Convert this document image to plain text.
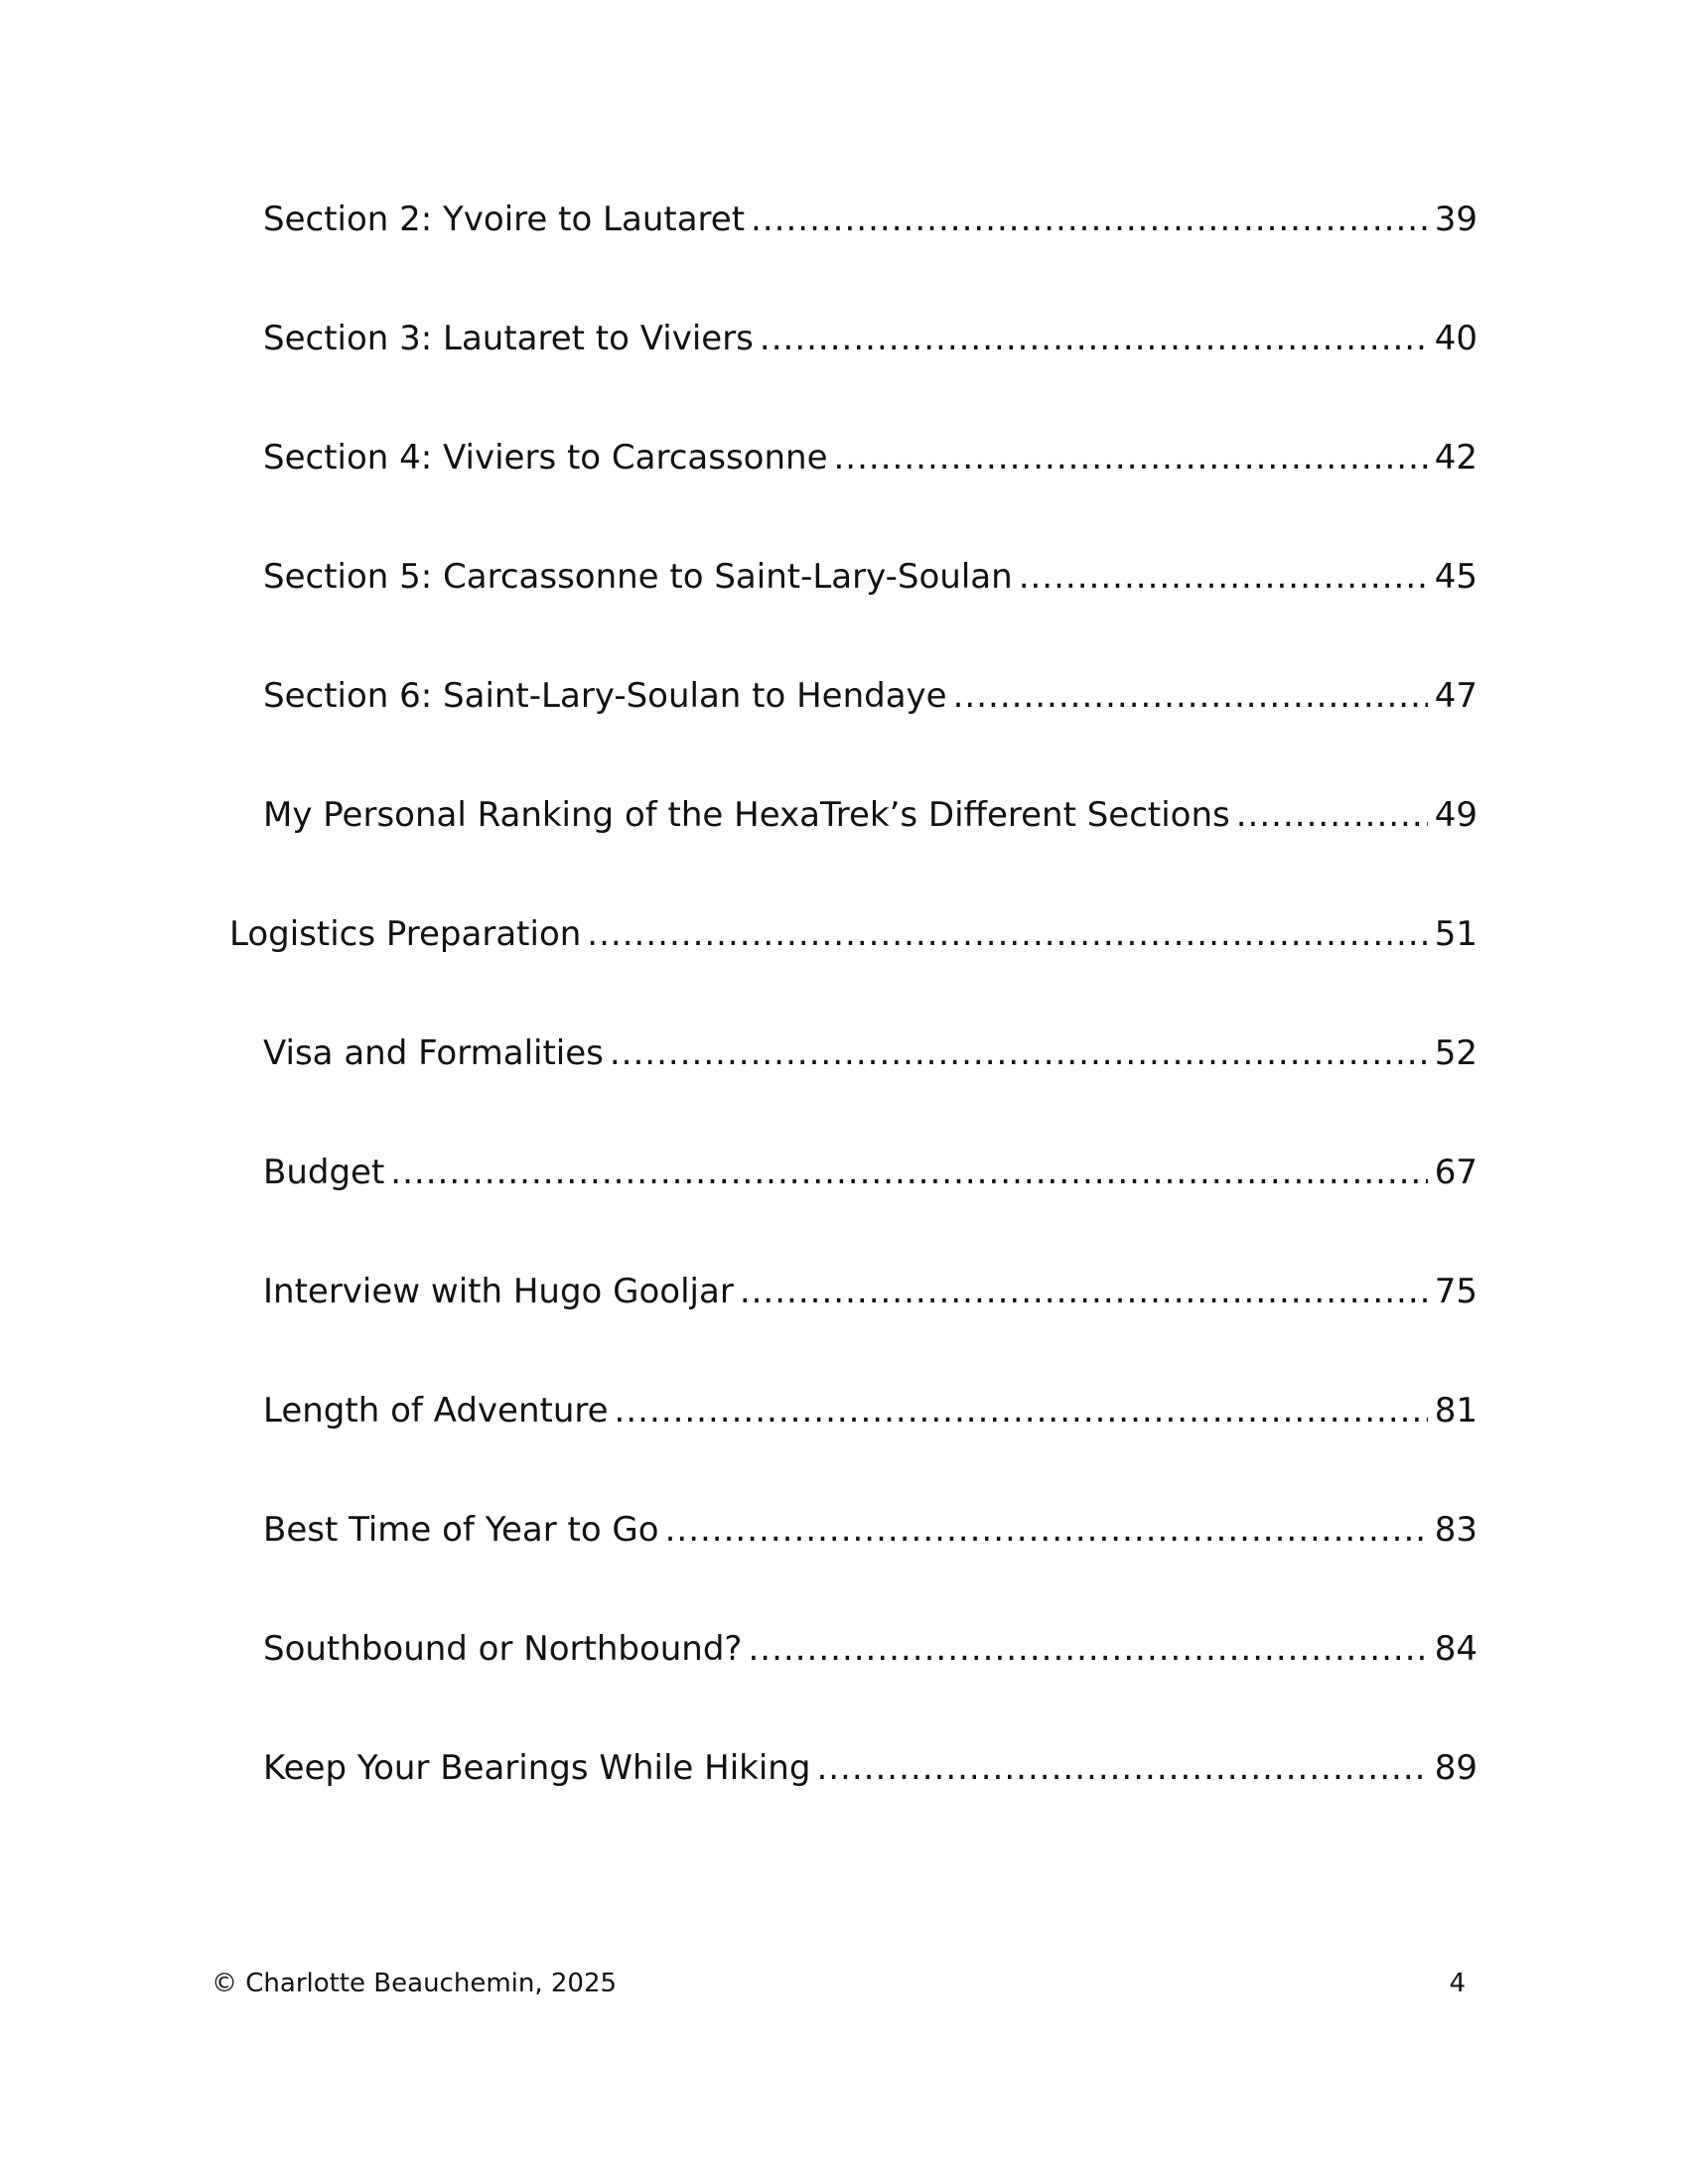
Section 2: Yvoire to Lautaret .....	39
Section 3: Lautaret to Viviers .....	40
Section 4: Viviers to Carcassonne .....	42
Section 5: Carcassonne to Saint-Lary-Soulan .....	45
Section 6: Saint-Lary-Soulan to Hendaye .....	47
My Personal Ranking of the HexaTrek’s Different Sections .....	49
Logistics Preparation .....	51
Visa and Formalities .....	52
Budget .....	67
Interview with Hugo Gooljar .....	75
Length of Adventure .....	81
Best Time of Year to Go .....	83
Southbound or Northbound? .....	84
Keep Your Bearings While Hiking .....	89
© Charlotte Beauchemin, 2025	4
